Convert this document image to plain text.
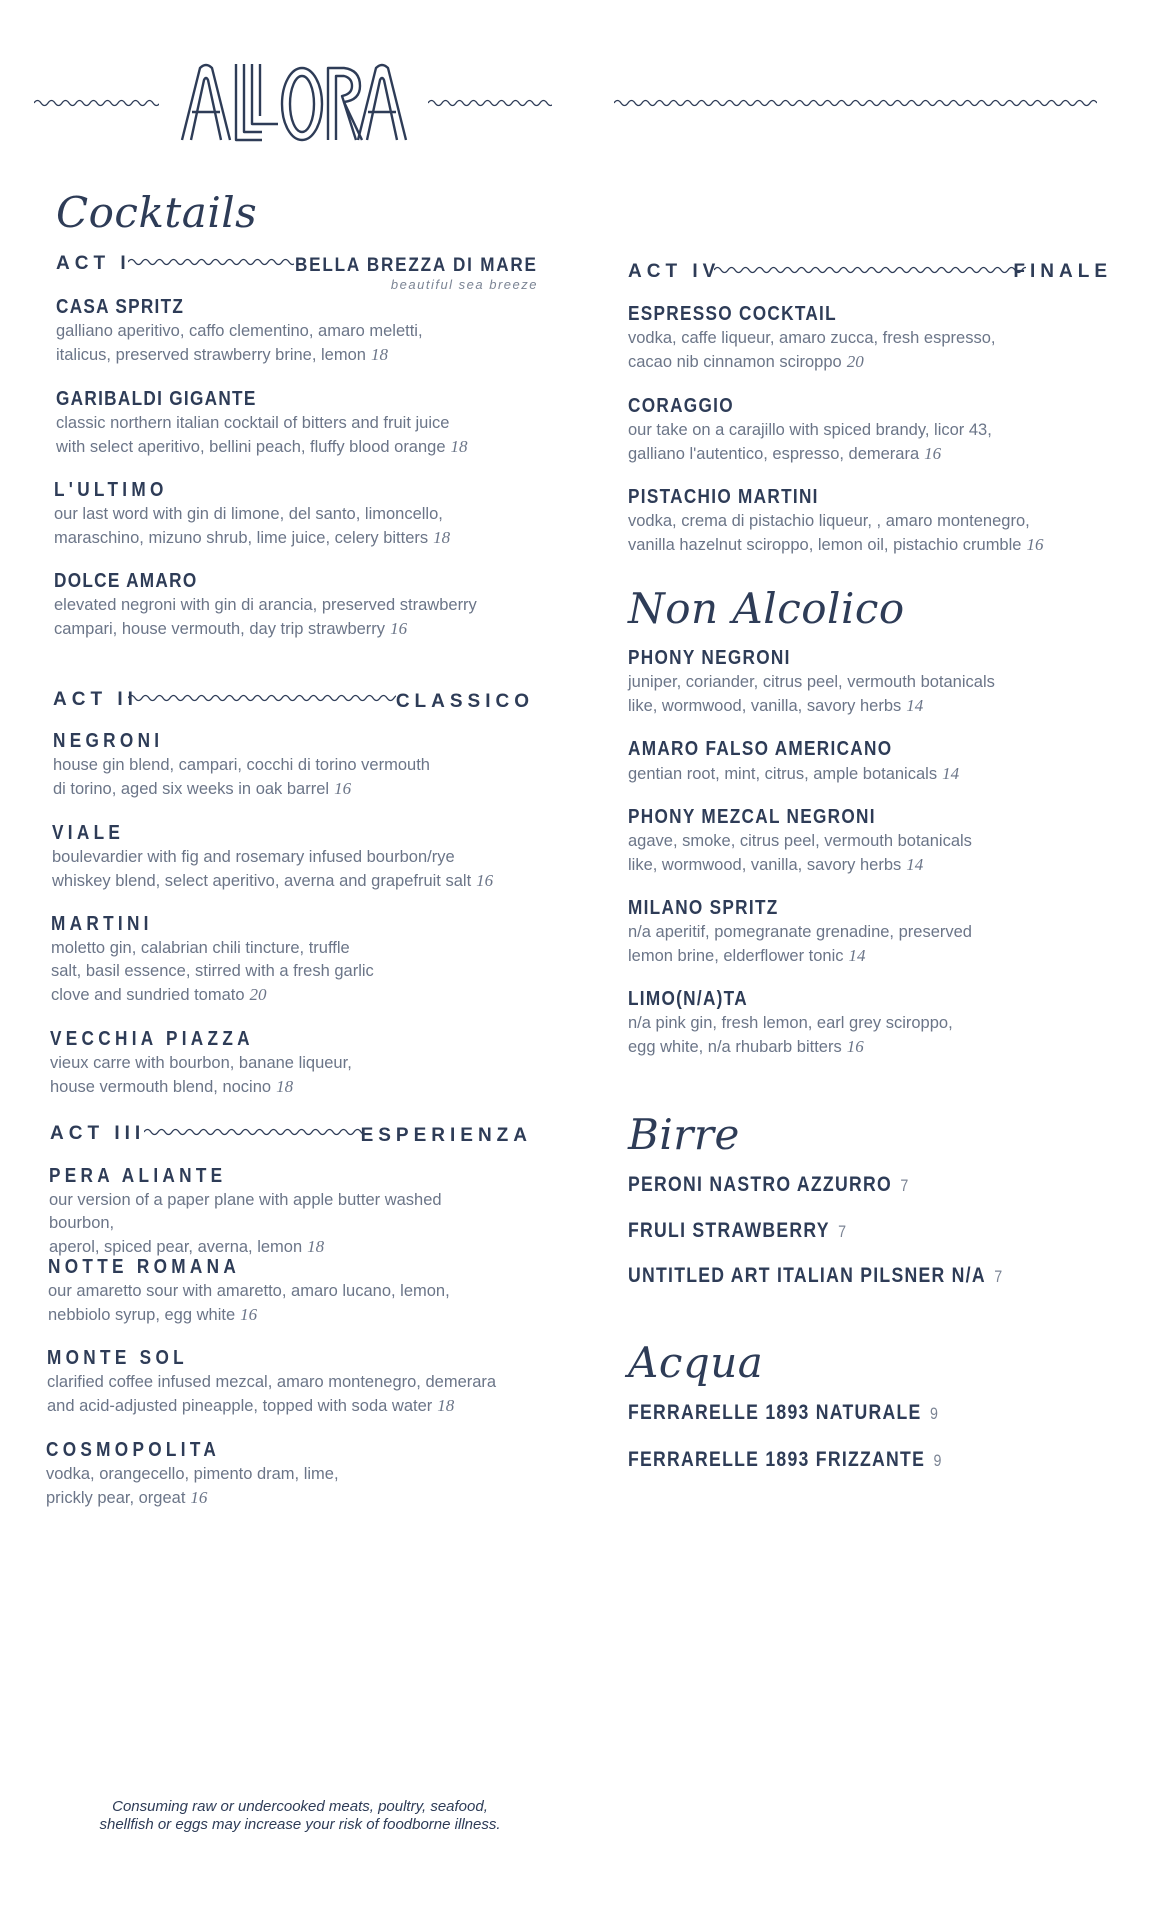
Cocktails
ACT I	BELLA BREZZA DI MARE
beautiful sea breeze
CASA SPRITZ
galliano aperitivo, caffo clementino, amaro meletti,
italicus, preserved strawberry brine, lemon 18
GARIBALDI GIGANTE
classic northern italian cocktail of bitters and fruit juice
with select aperitivo, bellini peach, fluffy blood orange 18
L'ULTIMO
our last word with gin di limone, del santo, limoncello,
maraschino, mizuno shrub, lime juice, celery bitters 18
DOLCE AMARO
elevated negroni with gin di arancia, preserved strawberry
campari, house vermouth, day trip strawberry 16
ACT II	CLASSICO
NEGRONI
house gin blend, campari, cocchi di torino vermouth
di torino, aged six weeks in oak barrel 16
VIALE
boulevardier with fig and rosemary infused bourbon/rye
whiskey blend, select aperitivo, averna and grapefruit salt 16
MARTINI
moletto gin, calabrian chili tincture, truffle
salt, basil essence, stirred with a fresh garlic
clove and sundried tomato 20
VECCHIA PIAZZA
vieux carre with bourbon, banane liqueur,
house vermouth blend, nocino 18
ACT III	ESPERIENZA
PERA ALIANTE
our version of a paper plane with apple butter washed bourbon,
aperol, spiced pear, averna, lemon 18
NOTTE ROMANA
our amaretto sour with amaretto, amaro lucano, lemon,
nebbiolo syrup, egg white 16
MONTE SOL
clarified coffee infused mezcal, amaro montenegro, demerara
and acid-adjusted pineapple, topped with soda water 18
COSMOPOLITA
vodka, orangecello, pimento dram, lime,
prickly pear, orgeat 16
ACT IV	FINALE
ESPRESSO COCKTAIL
vodka, caffe liqueur, amaro zucca, fresh espresso,
cacao nib cinnamon sciroppo 20
CORAGGIO
our take on a carajillo with spiced brandy, licor 43,
galliano l'autentico, espresso, demerara 16
PISTACHIO MARTINI
vodka, crema di pistachio liqueur, , amaro montenegro,
vanilla hazelnut sciroppo, lemon oil, pistachio crumble 16
Non Alcolico
PHONY NEGRONI
juniper, coriander, citrus peel, vermouth botanicals
like, wormwood, vanilla, savory herbs 14
AMARO FALSO AMERICANO
gentian root, mint, citrus, ample botanicals 14
PHONY MEZCAL NEGRONI
agave, smoke, citrus peel, vermouth botanicals
like, wormwood, vanilla, savory herbs 14
MILANO SPRITZ
n/a aperitif, pomegranate grenadine, preserved
lemon brine, elderflower tonic 14
LIMO(N/A)TA
n/a pink gin, fresh lemon, earl grey sciroppo,
egg white, n/a rhubarb bitters 16
Birre
PERONI NASTRO AZZURRO 7
FRULI STRAWBERRY 7
UNTITLED ART ITALIAN PILSNER N/A 7
Acqua
FERRARELLE 1893 NATURALE 9
FERRARELLE 1893 FRIZZANTE 9
Consuming raw or undercooked meats, poultry, seafood,
shellfish or eggs may increase your risk of foodborne illness.
